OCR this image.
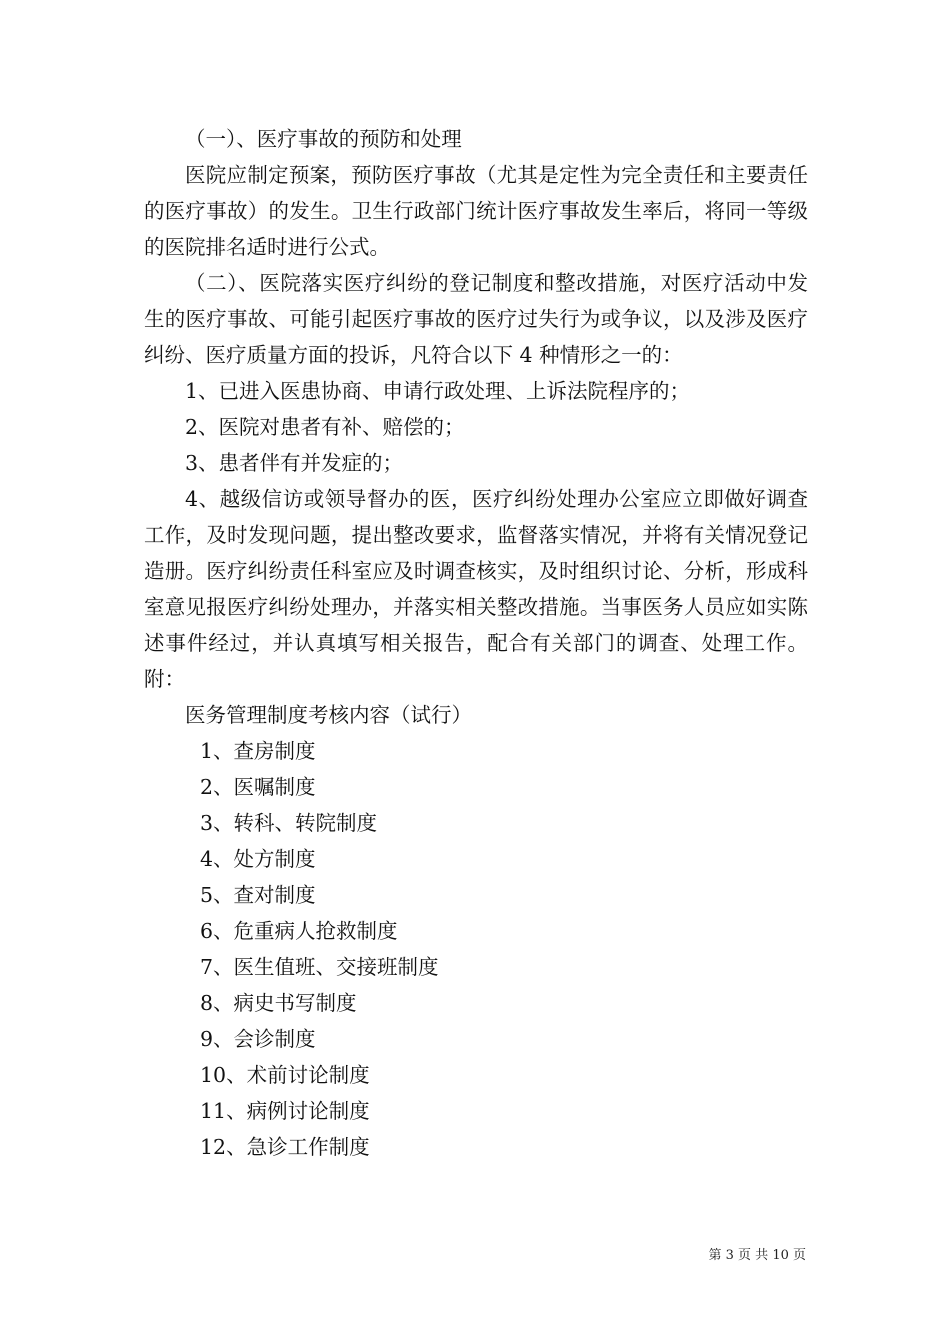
（一）、医疗事故的预防和处理

医院应制定预案，预防医疗事故（尤其是定性为完全责任和主要责任的医疗事故）的发生。卫生行政部门统计医疗事故发生率后，将同一等级的医院排名适时进行公式。

（二）、医院落实医疗纠纷的登记制度和整改措施，对医疗活动中发生的医疗事故、可能引起医疗事故的医疗过失行为或争议，以及涉及医疗纠纷、医疗质量方面的投诉，凡符合以下 4 种情形之一的：

1、已进入医患协商、申请行政处理、上诉法院程序的；

2、医院对患者有补、赔偿的；

3、患者伴有并发症的；

4、越级信访或领导督办的医，医疗纠纷处理办公室应立即做好调查工作，及时发现问题，提出整改要求，监督落实情况，并将有关情况登记造册。医疗纠纷责任科室应及时调查核实，及时组织讨论、分析，形成科室意见报医疗纠纷处理办，并落实相关整改措施。当事医务人员应如实陈述事件经过，并认真填写相关报告，配合有关部门的调查、处理工作。附：

医务管理制度考核内容（试行）

1、查房制度

2、医嘱制度

3、转科、转院制度

4、处方制度

5、查对制度

6、危重病人抢救制度

7、医生值班、交接班制度

8、病史书写制度

9、会诊制度

10、术前讨论制度

11、病例讨论制度

12、急诊工作制度

第 3 页 共 10 页
